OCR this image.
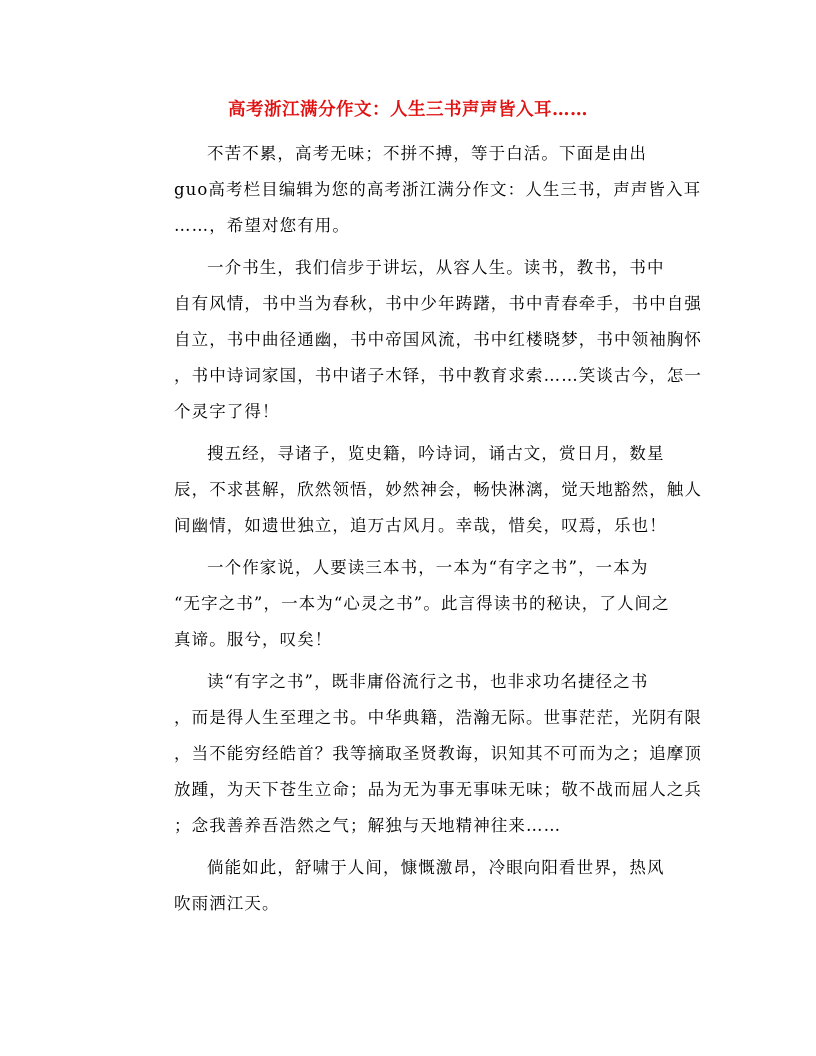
高考浙江满分作文：人生三书声声皆入耳……
不苦不累，高考无味；不拼不搏，等于白活。下面是由出
guo高考栏目编辑为您的高考浙江满分作文：人生三书，声声皆入耳
……，希望对您有用。
一介书生，我们信步于讲坛，从容人生。读书，教书，书中
自有风情，书中当为春秋，书中少年踌躇，书中青春牵手，书中自强
自立，书中曲径通幽，书中帝国风流，书中红楼晓梦，书中领袖胸怀
，书中诗词家国，书中诸子木铎，书中教育求索……笑谈古今，怎一
个灵字了得！
搜五经，寻诸子，览史籍，吟诗词，诵古文，赏日月，数星
辰，不求甚解，欣然领悟，妙然神会，畅快淋漓，觉天地豁然，触人
间幽情，如遗世独立，追万古风月。幸哉，惜矣，叹焉，乐也！
一个作家说，人要读三本书，一本为“有字之书”，一本为
“无字之书”，一本为“心灵之书”。此言得读书的秘诀，了人间之
真谛。服兮，叹矣！
读“有字之书”，既非庸俗流行之书，也非求功名捷径之书
，而是得人生至理之书。中华典籍，浩瀚无际。世事茫茫，光阴有限
，当不能穷经皓首？我等摘取圣贤教诲，识知其不可而为之；追摩顶
放踵，为天下苍生立命；品为无为事无事味无味；敬不战而屈人之兵
；念我善养吾浩然之气；解独与天地精神往来……
倘能如此，舒啸于人间，慷慨激昂，冷眼向阳看世界，热风
吹雨洒江天。
